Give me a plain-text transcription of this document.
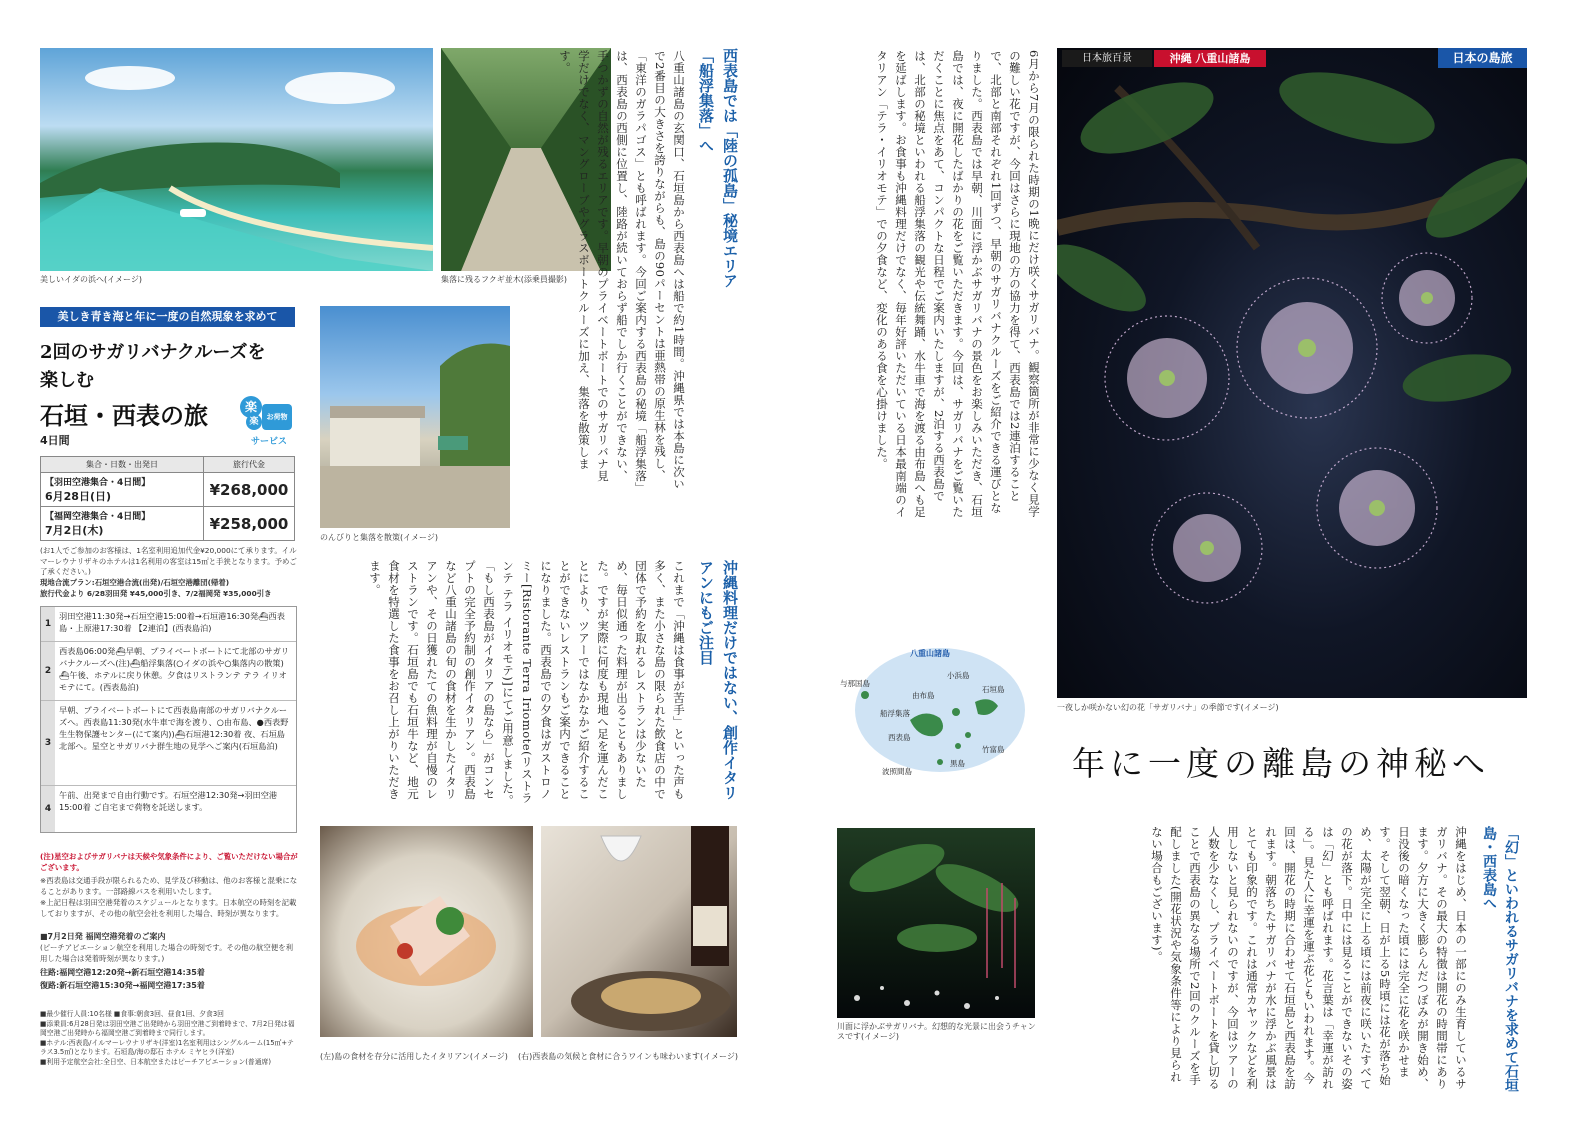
日本旅百景	沖縄 八重山諸島	日本の島旅
一夜しか咲かない幻の花「サガリバナ」の季節です(イメージ)
年に一度の離島の神秘へ
6月から7月の限られた時期の1晩にだけ咲くサガリバナ。観察箇所が非常に少なく見学の難しい花ですが、今回はさらに現地の方の協力を得て、西表島では2連泊することで、北部と南部それぞれ1回ずつ、早朝のサガリバナクルーズをご紹介できる運びとなりました。西表島では早朝、川面に浮かぶサガリバナの景色をお楽しみいただき、石垣島では、夜に開花したばかりの花をご覧いただきます。今回は、サガリバナをご覧いただくことに焦点をあて、コンパクトな日程でご案内いたしますが、2泊する西表島では、北部の秘境といわれる船浮集落の観光や伝統舞踊、水牛車で海を渡る由布島へも足を延ばします。お食事も沖縄料理だけでなく、毎年好評いただいている日本最南端のイタリアン「テラ・イリオモテ」での夕食など、変化のある食を心掛けました。
八重山諸島
与那国島
小浜島
石垣島
由布島
船浮集落
西表島
竹富島
黒島
波照間島
川面に浮かぶサガリバナ。幻想的な光景に出会うチャンスです(イメージ)	「幻」といわれるサガリバナを求めて石垣島・西表島へ
沖縄をはじめ、日本の一部にのみ生育しているサガリバナ。その最大の特徴は開花の時間帯にあります。夕方に大きく膨らんだつぼみが開き始め、日没後の暗くなった頃には完全に花を咲かせます。そして翌朝、日が上る5時頃には花が落ち始め、太陽が完全に上る頃には前夜に咲いたすべての花が落下。日中には見ることができないその姿は「幻」とも呼ばれます。花言葉は「幸運が訪れる」。見た人に幸運を運ぶ花ともいわれます。今回は、開花の時期に合わせて石垣島と西表島を訪れます。朝落ちたサガリバナが水に浮かぶ風景はとても印象的です。これは通常カヤックなどを利用しないと見られないのですが、今回はツアーの人数を少なくし、プライベートボートを貸し切ることで西表島の異なる場所で2回のクルーズを手配しました(開花状況や気象条件等により見られない場合もございます)。
美しいイダの浜へ(イメージ)	集落に残るフクギ並木(添乗員撮影)	西表島では「陸の孤島」秘境エリア「船浮集落」へ
八重山諸島の玄関口、石垣島から西表島へは船で約1時間。沖縄県では本島に次いで2番目の大きさを誇りながらも、島の90パーセントは亜熱帯の原生林を残し、「東洋のガラパゴス」とも呼ばれます。今回ご案内する西表島の秘境「船浮集落」は、西表島の西側に位置し、陸路が続いておらず船でしか行くことができない、手つかずの自然が残るエリアです。早朝のプライベートボートでのサガリバナ見学だけでなく、マングローブやグラスボートクルーズに加え、集落を散策します。
のんびりと集落を散策(イメージ)
沖縄料理だけではない、創作イタリアンにもご注目
これまで「沖縄は食事が苦手」といった声も多く、また小さな島の限られた飲食店の中で団体で予約を取れるレストランは少ないため、毎日似通った料理が出ることもありました。ですが実際に何度も現地へ足を運んだことにより、ツアーではなかなかご紹介することができないレストランもご案内できることになりました。西表島での夕食はガストロノミー[Ristorante Terra Iriomote(リストランテ テラ イリオモテ)]にてご用意しました。「もし西表島がイタリアの島なら」がコンセプトの完全予約制の創作イタリアン。西表島など八重山諸島の旬の食材を生かしたイタリアンや、その日獲れたての魚料理が自慢のレストランです。石垣島でも石垣牛など、地元食材を特選した食事をお召し上がりいただきます。
(左)島の食材を存分に活用したイタリアン(イメージ) (右)西表島の気候と食材に合うワインも味わいます(イメージ)
美しき青き海と年に一度の自然現象を求めて
2回のサガリバナクルーズを
楽しむ
石垣・西表の旅
4日間
楽
楽	お荷物
サービス
集合・日数・出発日	旅行代金

【羽田空港集合・4日間】
6月28日(日)	¥268,000

【福岡空港集合・4日間】
7月2日(木)	¥258,000
(お1人でご参加のお客様は、1名室利用追加代金¥20,000にて承ります。イルマーレウナリザキのホテルは1名利用の客室は15㎡と手狭となります。予めご了承ください。)
現地合流プラン:石垣空港合流(出発)/石垣空港離団(帰着)
旅行代金より 6/28羽田発 ¥45,000引き、7/2福岡発 ¥35,000引き
1
羽田空港11:30発→石垣空港15:00着→石垣港16:30発⛴西表島・上原港17:30着 【2連泊】(西表島泊)
2
西表島06:00発⛴早朝、プライベートボートにて北部のサガリバナクルーズへ(注)⛴船浮集落(○イダの浜や○集落内の散策)⛴午後、ホテルに戻り休憩。夕食はリストランテ テラ イリオモテにて。(西表島泊)
3
早朝、プライベートボートにて西表島南部のサガリバナクルーズへ。西表島11:30発(水牛車で海を渡り、○由布島、●西表野生生物保護センター(にて案内))⛴石垣港12:30着 夜、石垣島北部へ。星空とサガリバナ群生地の見学へご案内(石垣島泊)
4
午前、出発まで自由行動です。石垣空港12:30発→羽田空港15:00着 ご自宅まで荷物を託送します。
(注)星空およびサガリバナは天候や気象条件により、ご覧いただけない場合がございます。
※西表島は交通手段が限られるため、見学及び移動は、他のお客様と混乗になることがあります。一部路線バスを利用いたします。
※上記日程は羽田空港発着のスケジュールとなります。日本航空の時刻を記載しておりますが、その他の航空会社を利用した場合、時刻が異なります。
■7月2日発 福岡空港発着のご案内
(ピーチアビエーション航空を利用した場合の時刻です。その他の航空便を利用した場合は発着時刻が異なります。)
往路:福岡空港12:20発→新石垣空港14:35着
復路:新石垣空港15:30発→福岡空港17:35着
■最少催行人員:10名様 ■食事:朝食3回、昼食1回、夕食3回
■添乗員:6月28日発は羽田空港ご出発時から羽田空港ご到着時まで、7月2日発は福岡空港ご出発時から福岡空港ご到着時まで同行します。
■ホテル:西表島/イルマーレウナリザキ(洋室)1名室利用はシングルルーム(15㎡+テラス3.5㎡)となります。石垣島/海の邸石 ホテル ミヤヒラ(洋室)
■利用予定航空会社:全日空、日本航空またはピーチアビエーション(普通席)
